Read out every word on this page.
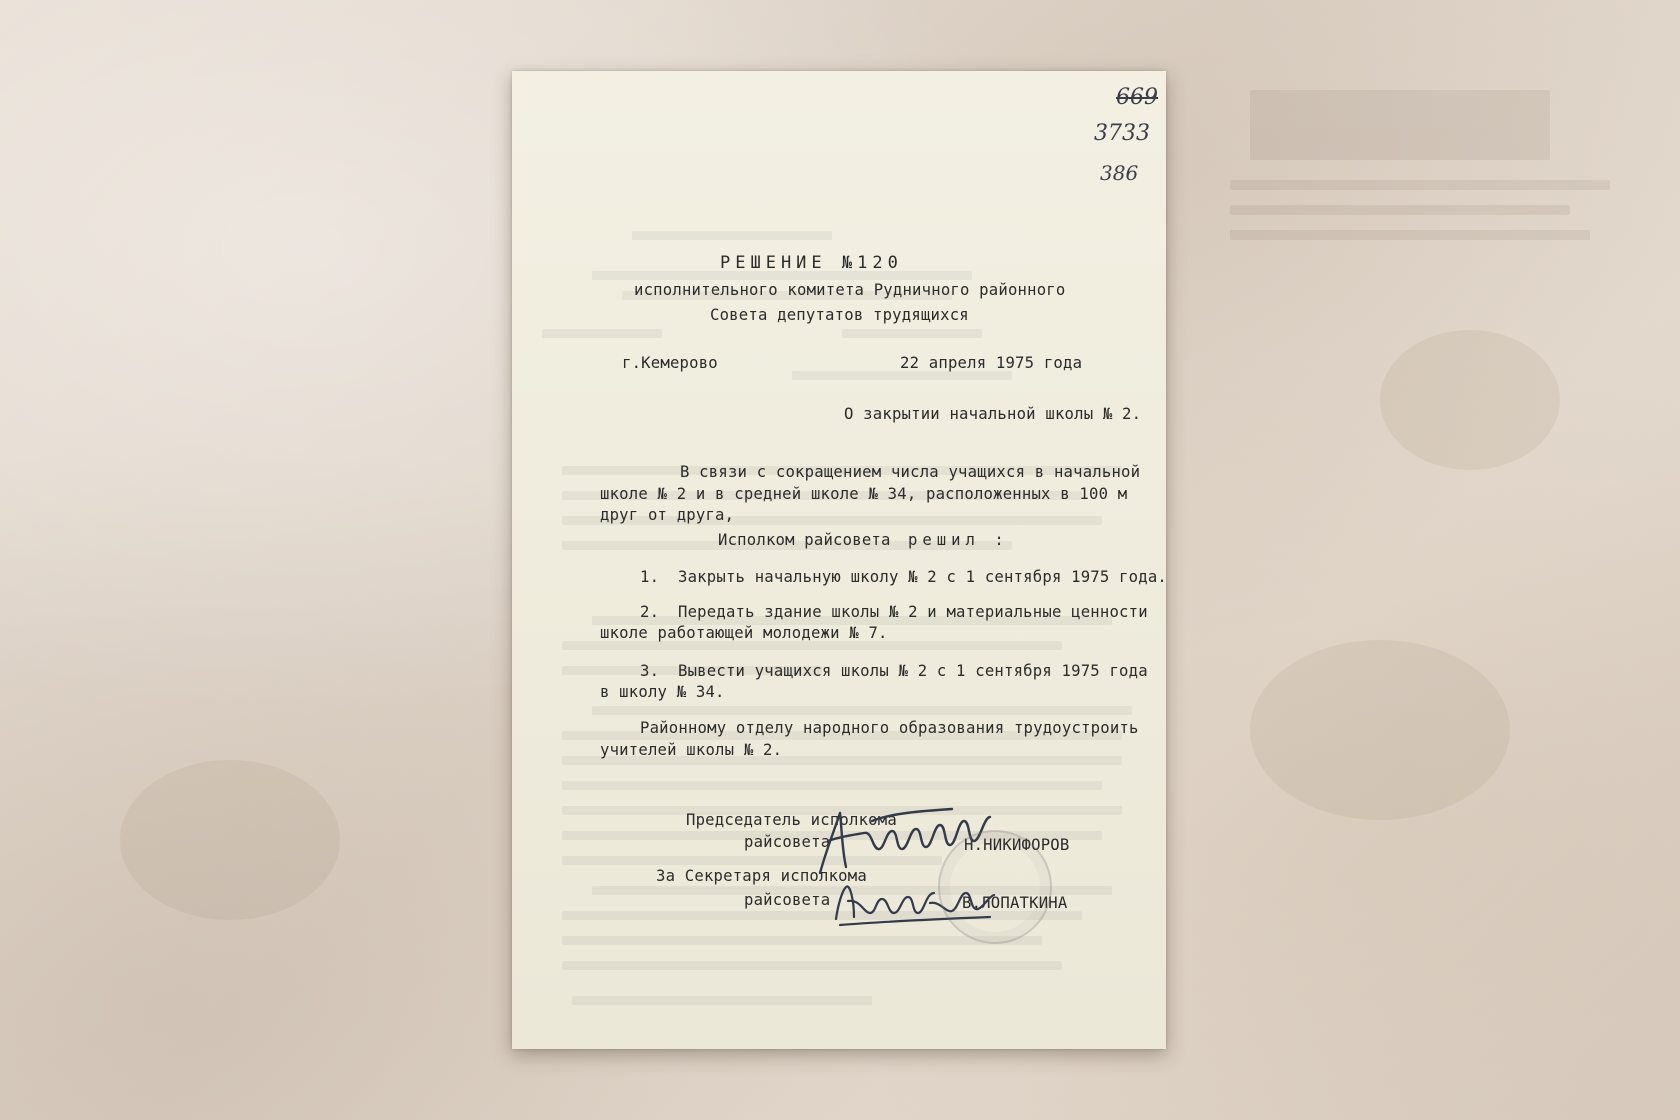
669
3733
386
РЕШЕНИЕ №120
исполнительного комитета Рудничного районного
Совета депутатов трудящихся
г.Кемерово	22 апреля 1975 года
О закрытии начальной школы № 2.
В связи с сокращением числа учащихся в начальной
школе № 2 и в средней школе № 34, расположенных в 100 м
друг от друга,
Исполком райсовета решил :
1. Закрыть начальную школу № 2 с 1 сентября 1975 года.
2. Передать здание школы № 2 и материальные ценности
школе работающей молодежи № 7.
3. Вывести учащихся школы № 2 с 1 сентября 1975 года
в школу № 34.
Районному отделу народного образования трудоустроить
учителей школы № 2.
Председатель исполкома
райсовета	Н.НИКИФОРОВ
За Секретаря исполкома
райсовета	В.ЛОПАТКИНА
